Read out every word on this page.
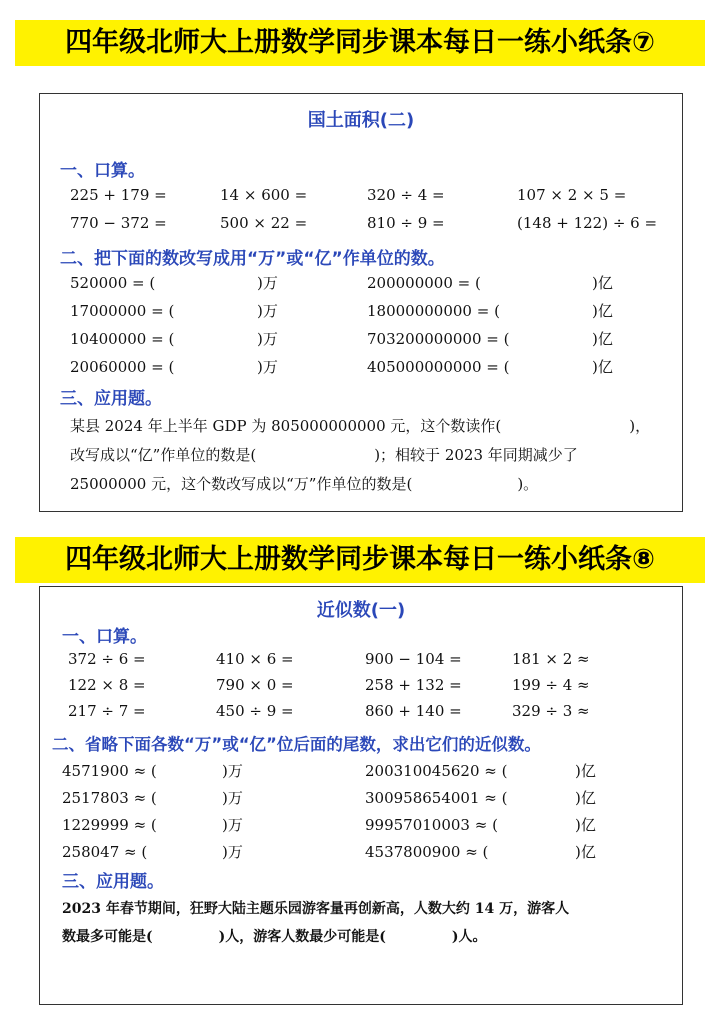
四年级北师大上册数学同步课本每日一练小纸条⑦
国土面积(二)
一、口算。
225 + 179 =	14 × 600 =	320 ÷ 4 =	107 × 2 × 5 =
770 − 372 =	500 × 22 =	810 ÷ 9 =	(148 + 122) ÷ 6 =
二、把下面的数改写成用“万”或“亿”作单位的数。
520000 = (	)万	200000000 = (	)亿
17000000 = (	)万	18000000000 = (	)亿
10400000 = (	)万	703200000000 = (	)亿
20060000 = (	)万	405000000000 = (	)亿
三、应用题。
某县 2024 年上半年 GDP 为 805000000000 元，这个数读作(	)，
改写成以“亿”作单位的数是(	)；相较于 2023 年同期减少了
25000000 元，这个数改写成以“万”作单位的数是(	)。
四年级北师大上册数学同步课本每日一练小纸条⑧
近似数(一)
一、口算。
372 ÷ 6 =	410 × 6 =	900 − 104 =	181 × 2 ≈
122 × 8 =	790 × 0 =	258 + 132 =	199 ÷ 4 ≈
217 ÷ 7 =	450 ÷ 9 =	860 + 140 =	329 ÷ 3 ≈
二、省略下面各数“万”或“亿”位后面的尾数，求出它们的近似数。
4571900 ≈ (	)万	200310045620 ≈ (	)亿
2517803 ≈ (	)万	300958654001 ≈ (	)亿
1229999 ≈ (	)万	99957010003 ≈ (	)亿
258047 ≈ (	)万	4537800900 ≈ (	)亿
三、应用题。
2023 年春节期间，狂野大陆主题乐园游客量再创新高，人数大约 14 万，游客人
数最多可能是(	)人，游客人数最少可能是(	)人。
